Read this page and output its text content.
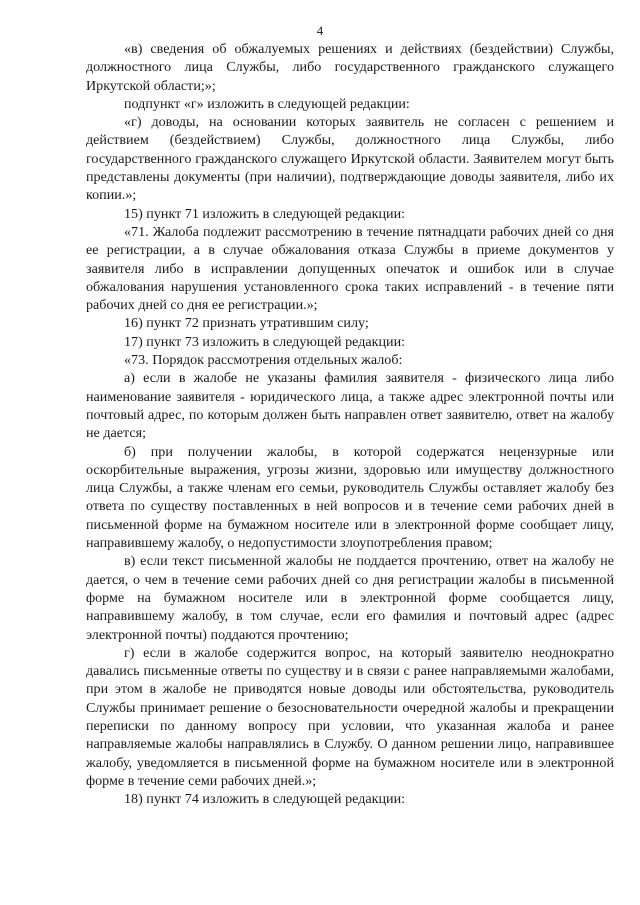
4

«в) сведения об обжалуемых решениях и действиях (бездействии) Службы, должностного лица Службы, либо государственного гражданского служащего Иркутской области;»;

подпункт «г» изложить в следующей редакции:

«г) доводы, на основании которых заявитель не согласен с решением и действием (бездействием) Службы, должностного лица Службы, либо государственного гражданского служащего Иркутской области. Заявителем могут быть представлены документы (при наличии), подтверждающие доводы заявителя, либо их копии.»;

15) пункт 71 изложить в следующей редакции:

«71. Жалоба подлежит рассмотрению в течение пятнадцати рабочих дней со дня ее регистрации, а в случае обжалования отказа Службы в приеме документов у заявителя либо в исправлении допущенных опечаток и ошибок или в случае обжалования нарушения установленного срока таких исправлений - в течение пяти рабочих дней со дня ее регистрации.»;

16) пункт 72 признать утратившим силу;

17) пункт 73 изложить в следующей редакции:

«73. Порядок рассмотрения отдельных жалоб:

а) если в жалобе не указаны фамилия заявителя - физического лица либо наименование заявителя - юридического лица, а также адрес электронной почты или почтовый адрес, по которым должен быть направлен ответ заявителю, ответ на жалобу не дается;

б) при получении жалобы, в которой содержатся нецензурные или оскорбительные выражения, угрозы жизни, здоровью или имуществу должностного лица Службы, а также членам его семьи, руководитель Службы оставляет жалобу без ответа по существу поставленных в ней вопросов и в течение семи рабочих дней в письменной форме на бумажном носителе или в электронной форме сообщает лицу, направившему жалобу, о недопустимости злоупотребления правом;

в) если текст письменной жалобы не поддается прочтению, ответ на жалобу не дается, о чем в течение семи рабочих дней со дня регистрации жалобы в письменной форме на бумажном носителе или в электронной форме сообщается лицу, направившему жалобу, в том случае, если его фамилия и почтовый адрес (адрес электронной почты) поддаются прочтению;

г) если в жалобе содержится вопрос, на который заявителю неоднократно давались письменные ответы по существу и в связи с ранее направляемыми жалобами, при этом в жалобе не приводятся новые доводы или обстоятельства, руководитель Службы принимает решение о безосновательности очередной жалобы и прекращении переписки по данному вопросу при условии, что указанная жалоба и ранее направляемые жалобы направлялись в Службу. О данном решении лицо, направившее жалобу, уведомляется в письменной форме на бумажном носителе или в электронной форме в течение семи рабочих дней.»;

18) пункт 74 изложить в следующей редакции:
